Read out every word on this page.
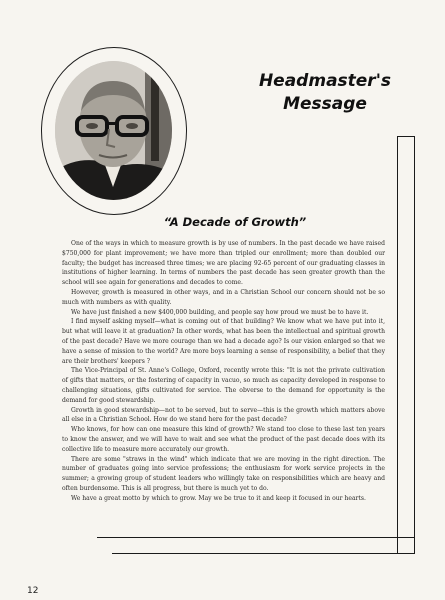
Headmaster's
Message
“A Decade of Growth”

One of the ways in which to measure growth is by use of numbers. In the past decade we have raised $750,000 for plant improvement; we have more than tripled our enrollment; more than doubled our faculty; the budget has increased three times; we are placing 92-65 percent of our graduating classes in institutions of higher learning. In terms of numbers the past decade has seen greater growth than the school will see again for generations and decades to come.

However, growth is measured in other ways, and in a Christian School our concern should not be so much with numbers as with quality.

We have just finished a new $400,000 building, and people say how proud we must be to have it.

I find myself asking myself—what is coming out of that building? We know what we have put into it, but what will leave it at graduation? In other words, what has been the intellectual and spiritual growth of the past decade? Have we more courage than we had a decade ago? Is our vision enlarged so that we have a sense of mission to the world? Are more boys learning a sense of responsibility, a belief that they are their brothers' keepers ?

The Vice-Principal of St. Anne's College, Oxford, recently wrote this: "It is not the private cultivation of gifts that matters, or the fostering of capacity in vacuo, so much as capacity developed in response to challenging situations, gifts cultivated for service. The obverse to the demand for opportunity is the demand for good stewardship.

Growth in good stewardship—not to be served, but to serve—this is the growth which matters above all else in a Christian School. How do we stand here for the past decade?

Who knows, for how can one measure this kind of growth? We stand too close to these last ten years to know the answer, and we will have to wait and see what the product of the past decade does with its collective life to measure more accurately our growth.

There are some "straws in the wind" which indicate that we are moving in the right direction. The number of graduates going into service professions; the enthusiasm for work service projects in the summer; a growing group of student leaders who willingly take on responsibilities which are heavy and often burdensome. This is all progress, but there is much yet to do.

We have a great motto by which to grow. May we be true to it and keep it focused in our hearts.

12
